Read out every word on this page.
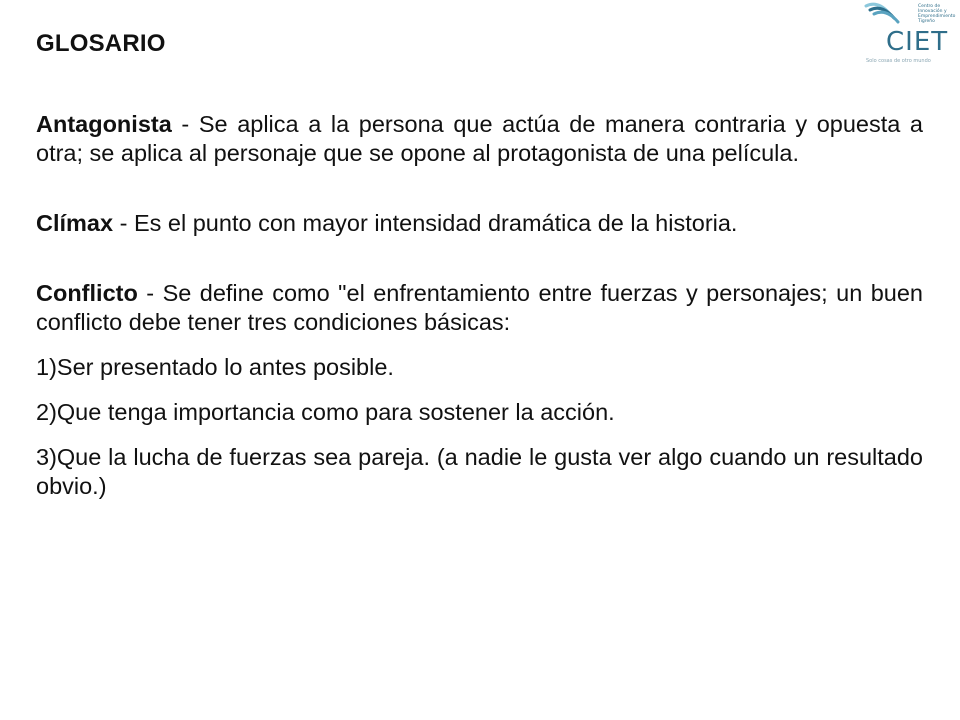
GLOSARIO	CIET
Centro de
Innovación y
Emprendimiento
Tigreño
Solo cosas de otro mundo

Antagonista - Se aplica a la persona que actúa de manera contraria y opuesta a otra; se aplica al personaje que se opone al protagonista de una película.

Clímax - Es el punto con mayor intensidad dramática de la historia.

Conflicto - Se define como "el enfrentamiento entre fuerzas y personajes; un buen conflicto debe tener tres condiciones básicas:

1)Ser presentado lo antes posible.
2)Que tenga importancia como para sostener la acción.
3)Que la lucha de fuerzas sea pareja. (a nadie le gusta ver algo cuando un resultado obvio.)
